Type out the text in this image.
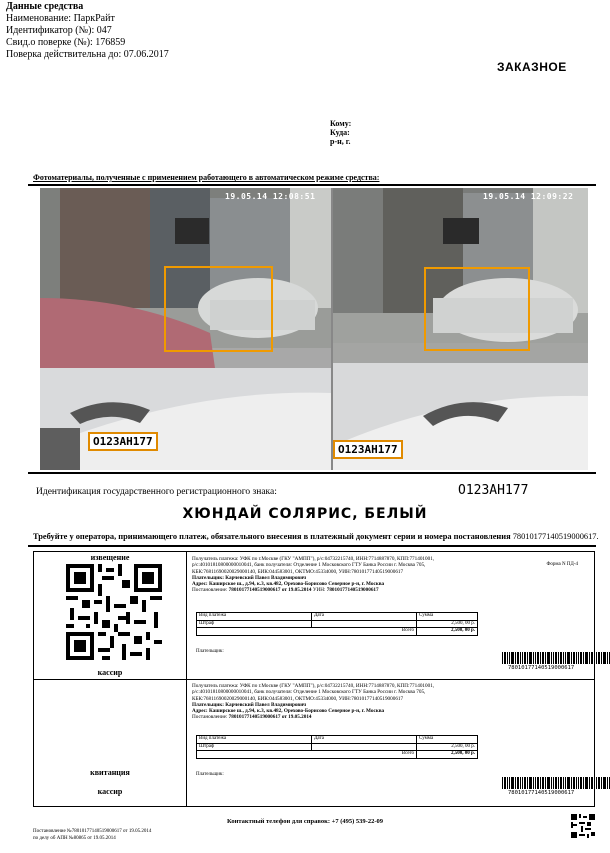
Данные средства
Наименование: ПаркРайт
Идентификатор (№): 047
Свид.о поверке (№): 176859
Поверка действительна до: 07.06.2017
ЗАКАЗНОЕ
Кому:
Куда:
р-н, г.
Фотоматериалы, полученные с применением работающего в автоматическом режиме средства:
19.05.14 12:08:51
О123АН177
19.05.14 12:09:22
О123АН177
Идентификация государственного регистрационного знака:	О123АН177
ХЮНДАЙ СОЛЯРИС, БЕЛЫЙ
Требуйте у оператора, принимающего платеж, обязательного внесения в платежный документ серии и номера постановления 78010177140519000617.
извещение
кассир
Получатель платежа: УФК по г.Москве (ГКУ "АМПП"), р/с:04732215740, ИНН:7714887870, КПП:771401001,
р/с:40101810800000010041, банк получателя: Отделение 1 Московского ГТУ Банка России г. Москва 705,
КБК:76811690020029000140, БИК:044583001, ОКТМО:45334000, УИН:78010177140519000617
Плательщик: Карчевский Павел Владимирович
Адрес: Каширское ш., д.94, к.3, кв.482, Орехово-Борисово Северное р-н, г. Москва
Постановление: 78010177140519000617 от 19.05.2014 УИН: 78010177140519000617
Форма N ПД-4
Вид платежа	Дата	Сумма
Штраф		2,500, 00 р.
Всего		2,500, 00 р.
Плательщик:
78010177140519000617
квитанция
кассир
Получатель платежа: УФК по г.Москве (ГКУ "АМПП"), р/с:04732215740, ИНН:7714887870, КПП:771401001,
р/с:40101810800000010041, банк получателя: Отделение 1 Московского ГТУ Банка России г. Москва 705,
КБК:76811690020029000140, БИК:044583001, ОКТМО:45334000, УИН:78010177140519000617
Плательщик: Карчевский Павел Владимирович
Адрес: Каширское ш., д.94, к.3, кв.482, Орехово-Борисово Северное р-н, г. Москва
Постановление: 78010177140519000617 от 19.05.2014
Вид платежа	Дата	Сумма
Штраф		2,500, 00 р.
Всего		2,500, 00 р.
Плательщик:
78010177140519000617
Контактный телефон для справок: +7 (495) 539-22-09
Постановление №78010177140519000617 от 19.05.2014
по делу об АПН №80865 от 19.05.2014
